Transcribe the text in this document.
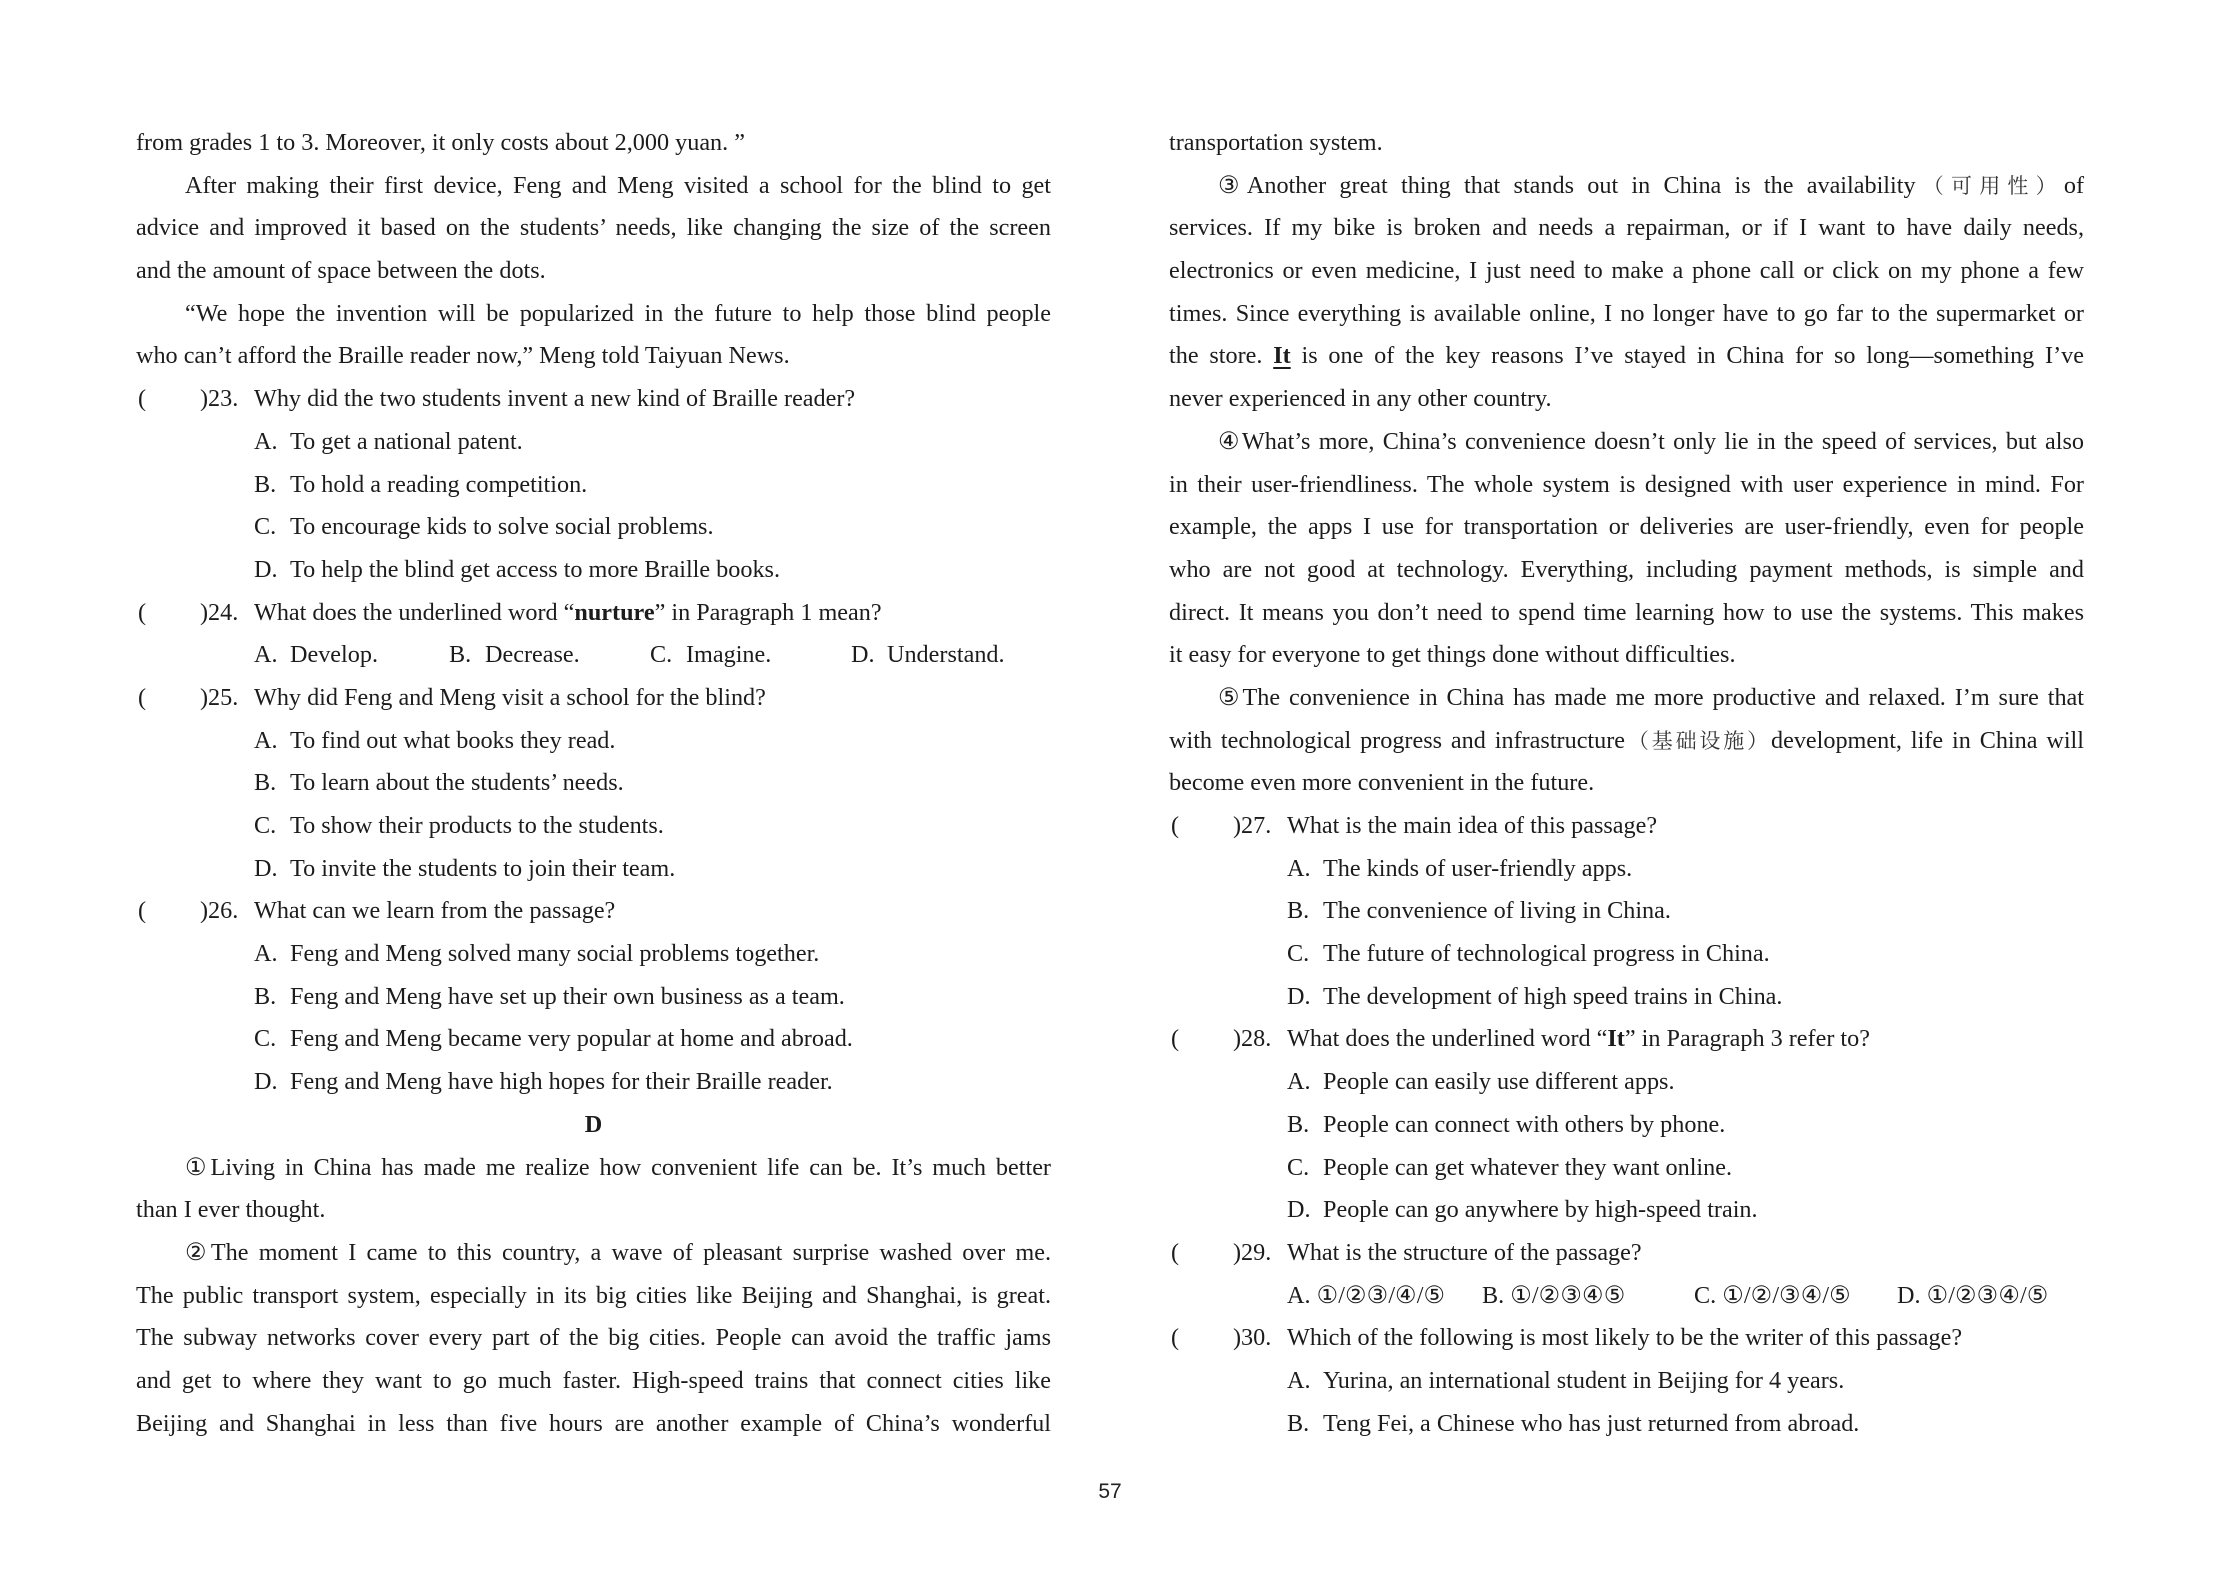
from grades 1 to 3. Moreover, it only costs about 2,000 yuan. ”
After making their first device, Feng and Meng visited a school for the blind to get
advice and improved it based on the students’ needs, like changing the size of the screen
and the amount of space between the dots.
“We hope the invention will be popularized in the future to help those blind people
who can’t afford the Braille reader now,” Meng told Taiyuan News.
( ) 23. Why did the two students invent a new kind of Braille reader?
A. To get a national patent.
B. To hold a reading competition.
C. To encourage kids to solve social problems.
D. To help the blind get access to more Braille books.
( ) 24. What does the underlined word “nurture” in Paragraph 1 mean?
A. Develop.	B. Decrease.	C. Imagine.	D. Understand.
( ) 25. Why did Feng and Meng visit a school for the blind?
A. To find out what books they read.
B. To learn about the students’ needs.
C. To show their products to the students.
D. To invite the students to join their team.
( ) 26. What can we learn from the passage?
A. Feng and Meng solved many social problems together.
B. Feng and Meng have set up their own business as a team.
C. Feng and Meng became very popular at home and abroad.
D. Feng and Meng have high hopes for their Braille reader.
D
①Living in China has made me realize how convenient life can be. It’s much better
than I ever thought.
②The moment I came to this country, a wave of pleasant surprise washed over me.
The public transport system, especially in its big cities like Beijing and Shanghai, is great.
The subway networks cover every part of the big cities. People can avoid the traffic jams
and get to where they want to go much faster. High-speed trains that connect cities like
Beijing and Shanghai in less than five hours are another example of China’s wonderful
transportation system.
③Another great thing that stands out in China is the availability（可用性）of
services. If my bike is broken and needs a repairman, or if I want to have daily needs,
electronics or even medicine, I just need to make a phone call or click on my phone a few
times. Since everything is available online, I no longer have to go far to the supermarket or
the store. It is one of the key reasons I’ve stayed in China for so long—something I’ve
never experienced in any other country.
④What’s more, China’s convenience doesn’t only lie in the speed of services, but also
in their user-friendliness. The whole system is designed with user experience in mind. For
example, the apps I use for transportation or deliveries are user-friendly, even for people
who are not good at technology. Everything, including payment methods, is simple and
direct. It means you don’t need to spend time learning how to use the systems. This makes
it easy for everyone to get things done without difficulties.
⑤The convenience in China has made me more productive and relaxed. I’m sure that
with technological progress and infrastructure（基础设施）development, life in China will
become even more convenient in the future.
( ) 27. What is the main idea of this passage?
A. The kinds of user-friendly apps.
B. The convenience of living in China.
C. The future of technological progress in China.
D. The development of high speed trains in China.
( ) 28. What does the underlined word “It” in Paragraph 3 refer to?
A. People can easily use different apps.
B. People can connect with others by phone.
C. People can get whatever they want online.
D. People can go anywhere by high-speed train.
( ) 29. What is the structure of the passage?
A. ①/②③/④/⑤ B. ①/②③④⑤	C. ①/②/③④/⑤ D. ①/②③④/⑤
( ) 30. Which of the following is most likely to be the writer of this passage?
A. Yurina, an international student in Beijing for 4 years.
B. Teng Fei, a Chinese who has just returned from abroad.
57
